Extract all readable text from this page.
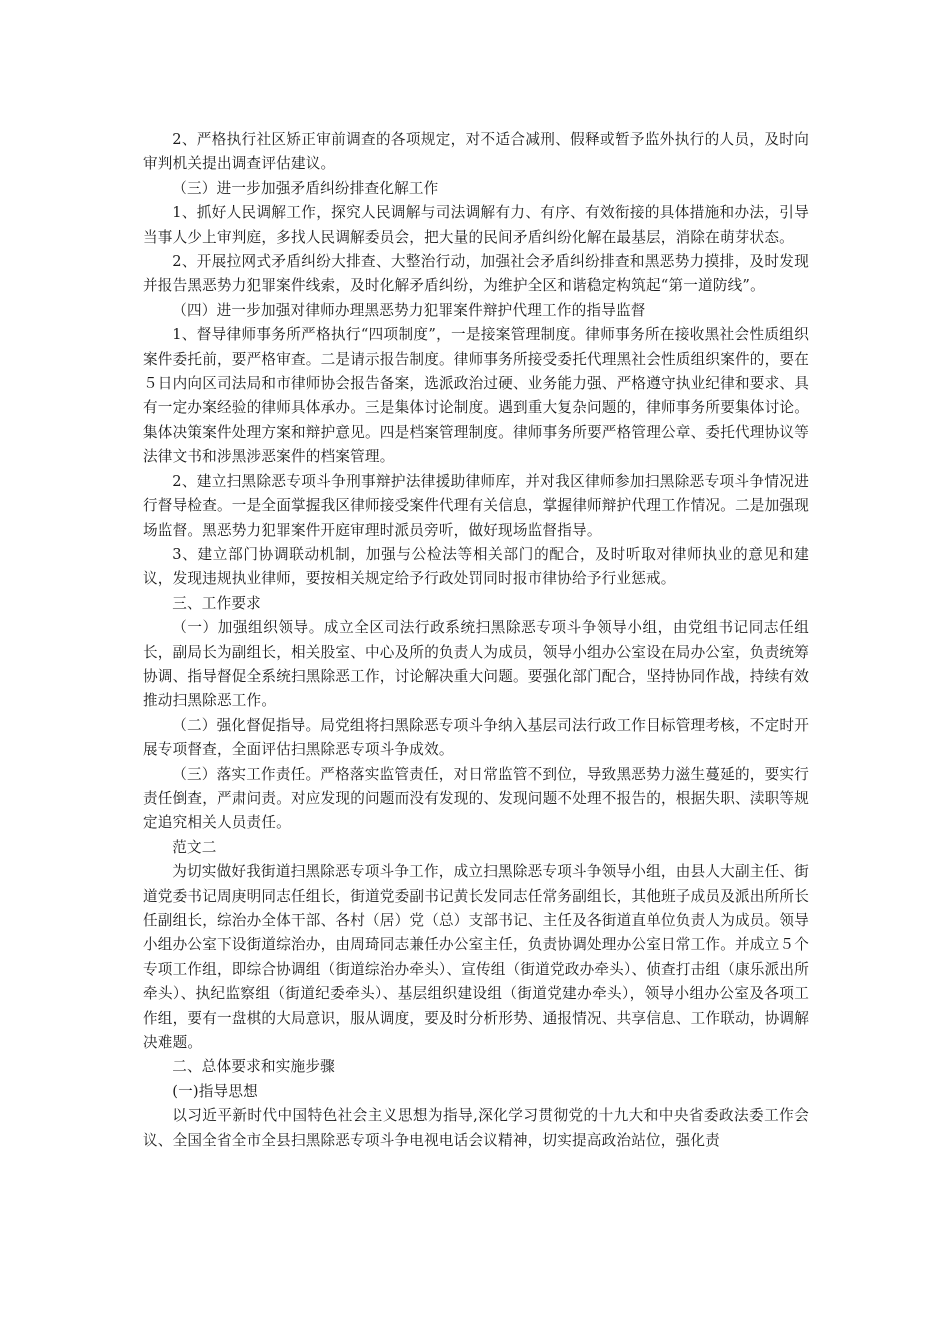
2、严格执行社区矫正审前调查的各项规定，对不适合减刑、假释或暂予监外执行的人员，及时向审判机关提出调查评估建议。

（三）进一步加强矛盾纠纷排查化解工作

1、抓好人民调解工作，探究人民调解与司法调解有力、有序、有效衔接的具体措施和办法，引导当事人少上审判庭，多找人民调解委员会，把大量的民间矛盾纠纷化解在最基层，消除在萌芽状态。

2、开展拉网式矛盾纠纷大排查、大整治行动，加强社会矛盾纠纷排查和黑恶势力摸排，及时发现并报告黑恶势力犯罪案件线索，及时化解矛盾纠纷，为维护全区和谐稳定构筑起“第一道防线”。

（四）进一步加强对律师办理黑恶势力犯罪案件辩护代理工作的指导监督

1、督导律师事务所严格执行“四项制度”，一是接案管理制度。律师事务所在接收黑社会性质组织案件委托前，要严格审查。二是请示报告制度。律师事务所接受委托代理黑社会性质组织案件的，要在５日内向区司法局和市律师协会报告备案，选派政治过硬、业务能力强、严格遵守执业纪律和要求、具有一定办案经验的律师具体承办。三是集体讨论制度。遇到重大复杂问题的，律师事务所要集体讨论。集体决策案件处理方案和辩护意见。四是档案管理制度。律师事务所要严格管理公章、委托代理协议等法律文书和涉黑涉恶案件的档案管理。

2、建立扫黑除恶专项斗争刑事辩护法律援助律师库，并对我区律师参加扫黑除恶专项斗争情况进行督导检查。一是全面掌握我区律师接受案件代理有关信息，掌握律师辩护代理工作情况。二是加强现场监督。黑恶势力犯罪案件开庭审理时派员旁听，做好现场监督指导。

3、建立部门协调联动机制，加强与公检法等相关部门的配合，及时听取对律师执业的意见和建议，发现违规执业律师，要按相关规定给予行政处罚同时报市律协给予行业惩戒。

三、工作要求

（一）加强组织领导。成立全区司法行政系统扫黑除恶专项斗争领导小组，由党组书记同志任组长，副局长为副组长，相关股室、中心及所的负责人为成员，领导小组办公室设在局办公室，负责统筹协调、指导督促全系统扫黑除恶工作，讨论解决重大问题。要强化部门配合，坚持协同作战，持续有效推动扫黑除恶工作。

（二）强化督促指导。局党组将扫黑除恶专项斗争纳入基层司法行政工作目标管理考核，不定时开展专项督查，全面评估扫黑除恶专项斗争成效。

（三）落实工作责任。严格落实监管责任，对日常监管不到位，导致黑恶势力滋生蔓延的，要实行责任倒查，严肃问责。对应发现的问题而没有发现的、发现问题不处理不报告的，根据失职、渎职等规定追究相关人员责任。

范文二

为切实做好我街道扫黑除恶专项斗争工作，成立扫黑除恶专项斗争领导小组，由县人大副主任、街道党委书记周庚明同志任组长，街道党委副书记黄长发同志任常务副组长，其他班子成员及派出所所长任副组长，综治办全体干部、各村（居）党（总）支部书记、主任及各街道直单位负责人为成员。领导小组办公室下设街道综治办，由周琦同志兼任办公室主任，负责协调处理办公室日常工作。并成立５个专项工作组，即综合协调组（街道综治办牵头）、宣传组（街道党政办牵头）、侦查打击组（康乐派出所牵头）、执纪监察组（街道纪委牵头）、基层组织建设组（街道党建办牵头），领导小组办公室及各项工作组，要有一盘棋的大局意识，服从调度，要及时分析形势、通报情况、共享信息、工作联动，协调解决难题。

二、总体要求和实施步骤

(一)指导思想

以习近平新时代中国特色社会主义思想为指导,深化学习贯彻党的十九大和中央省委政法委工作会议、全国全省全市全县扫黑除恶专项斗争电视电话会议精神，切实提高政治站位，强化责
